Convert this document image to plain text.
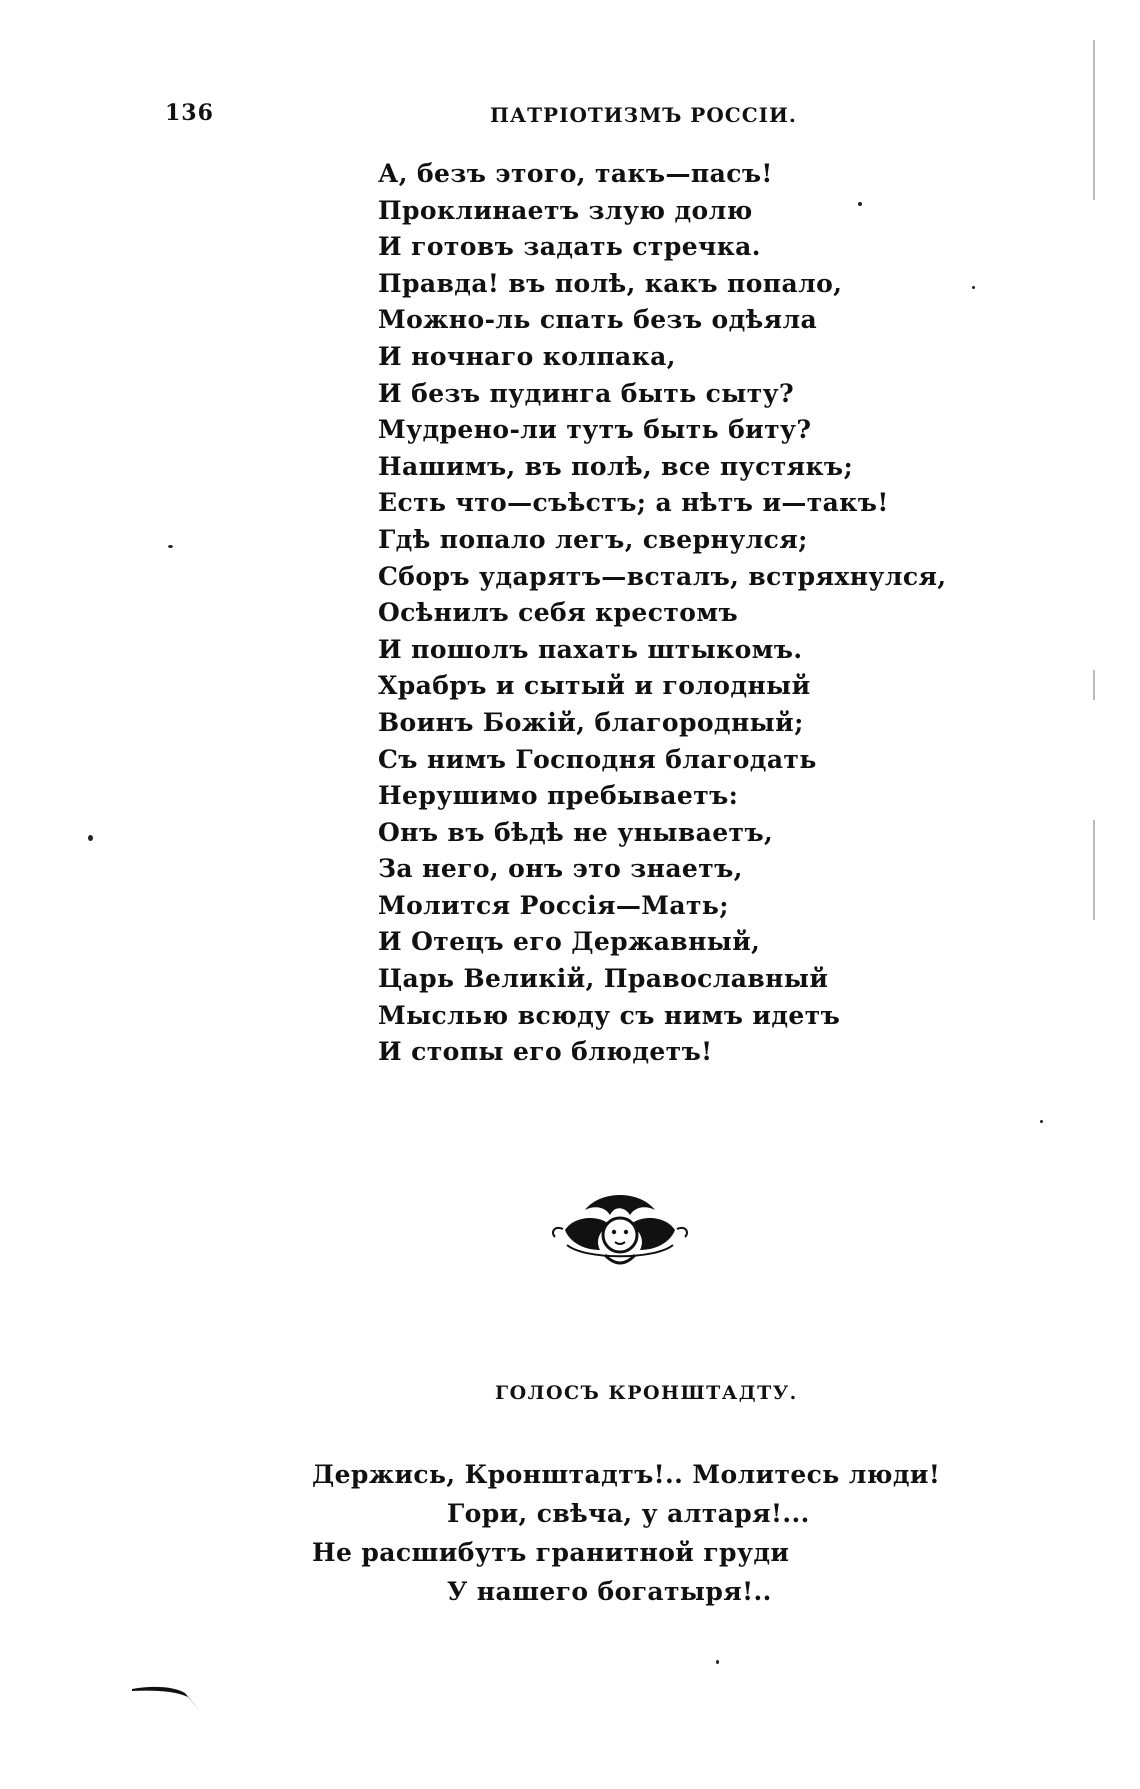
136	ПАТРІОТИЗМЪ РОССІИ.
А, безъ этого, такъ—пасъ!
Проклинаетъ злую долю
И готовъ задать стречка.
Правда! въ полѣ, какъ попало,
Можно-ль спать безъ одѣяла
И ночнаго колпака,
И безъ пудинга быть сыту?
Мудрено-ли тутъ быть биту?
Нашимъ, въ полѣ, все пустякъ;
Есть что—съѣстъ; а нѣтъ и—такъ!
Гдѣ попало легъ, свернулся;
Сборъ ударятъ—всталъ, встряхнулся,
Осѣнилъ себя крестомъ
И пошолъ пахать штыкомъ.
Храбръ и сытый и голодный
Воинъ Божій, благородный;
Съ нимъ Господня благодать
Нерушимо пребываетъ:
Онъ въ бѣдѣ не унываетъ,
За него, онъ это знаетъ,
Молится Россія—Мать;
И Отецъ его Державный,
Царь Великій, Православный
Мыслью всюду съ нимъ идетъ
И стопы его блюдетъ!
ГОЛОСЪ КРОНШТАДТУ.
Держись, Кронштадтъ!.. Молитесь люди!
Гори, свѣча, у алтаря!...
Не расшибутъ гранитной груди
У нашего богатыря!..
